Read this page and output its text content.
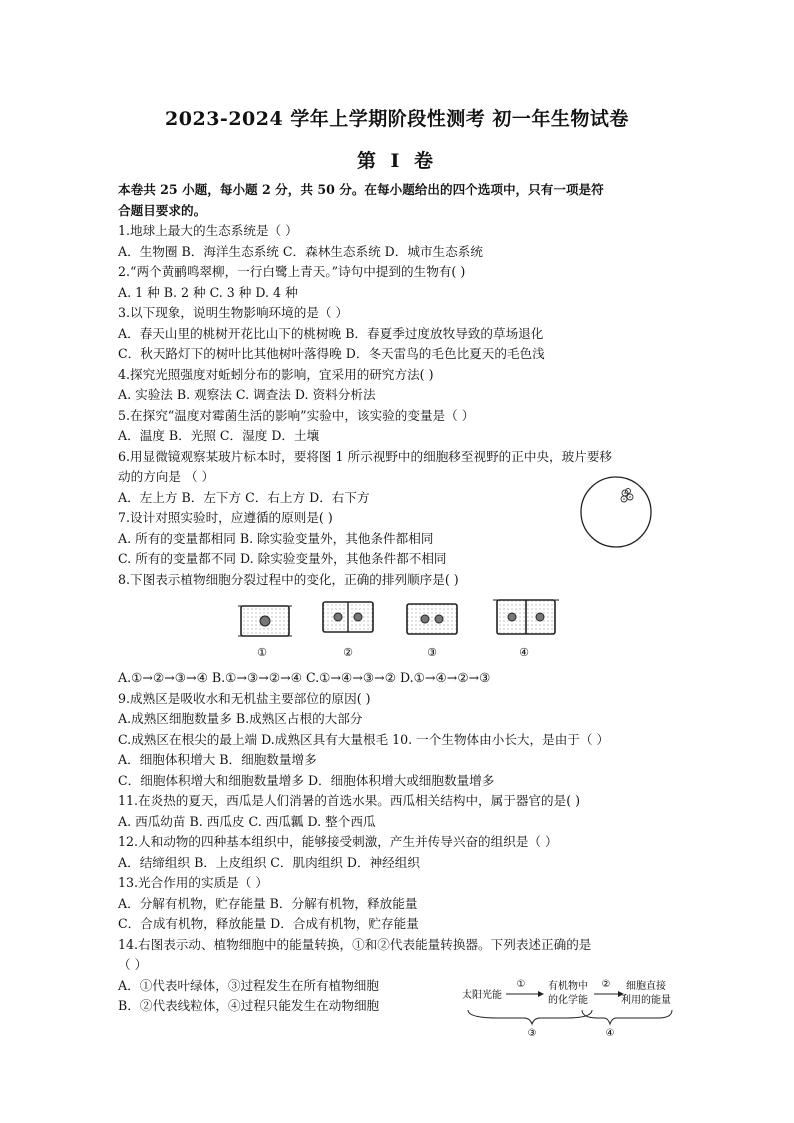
2023-2024 学年上学期阶段性测考 初一年生物试卷
第 I 卷
本卷共 25 小题，每小题 2 分，共 50 分。在每小题给出的四个选项中，只有一项是符
合题目要求的。
1.地球上最大的生态系统是（ ）
A．生物圈 B．海洋生态系统 C．森林生态系统 D．城市生态系统
2.“两个黄鹂鸣翠柳，一行白鹭上青天。”诗句中提到的生物有( )
A. 1 种 B. 2 种 C. 3 种 D. 4 种
3.以下现象，说明生物影响环境的是（ ）
A．春天山里的桃树开花比山下的桃树晚 B．春夏季过度放牧导致的草场退化
C．秋天路灯下的树叶比其他树叶落得晚 D．冬天雷鸟的毛色比夏天的毛色浅
4.探究光照强度对蚯蚓分布的影响，宜采用的研究方法( )
A. 实验法 B. 观察法 C. 调查法 D. 资料分析法
5.在探究“温度对霉菌生活的影响”实验中，该实验的变量是（ ）
A．温度 B．光照 C．湿度 D．土壤
6.用显微镜观察某玻片标本时，要将图 1 所示视野中的细胞移至视野的正中央，玻片要移
动的方向是 （ ）
A．左上方 B．左下方 C．右上方 D．右下方
7.设计对照实验时，应遵循的原则是( )
A. 所有的变量都相同 B. 除实验变量外，其他条件都相同
C. 所有的变量都不同 D. 除实验变量外，其他条件都不相同
8.下图表示植物细胞分裂过程中的变化，正确的排列顺序是( )
A.①→②→③→④ B.①→③→②→④ C.①→④→③→② D.①→④→②→③
9.成熟区是吸收水和无机盐主要部位的原因( )
A.成熟区细胞数量多 B.成熟区占根的大部分
C.成熟区在根尖的最上端 D.成熟区具有大量根毛 10. 一个生物体由小长大，是由于（ ）
A．细胞体积增大 B．细胞数量增多
C．细胞体积增大和细胞数量增多 D．细胞体积增大或细胞数量增多
11.在炎热的夏天，西瓜是人们消暑的首选水果。西瓜相关结构中，属于器官的是( )
A. 西瓜幼苗 B. 西瓜皮 C. 西瓜瓤 D. 整个西瓜
12.人和动物的四种基本组织中，能够接受刺激，产生并传导兴奋的组织是（ ）
A．结缔组织 B．上皮组织 C．肌肉组织 D．神经组织
13.光合作用的实质是（ ）
A．分解有机物，贮存能量 B．分解有机物，释放能量
C．合成有机物，释放能量 D．合成有机物，贮存能量
14.右图表示动、植物细胞中的能量转换，①和②代表能量转换器。下列表述正确的是
（ ）
A．①代表叶绿体，③过程发生在所有植物细胞
B．②代表线粒体，④过程只能发生在动物细胞
①	②	③	④
太阳光能
① 有机物中
的化学能
② 细胞直接
利用的能量
③	④
